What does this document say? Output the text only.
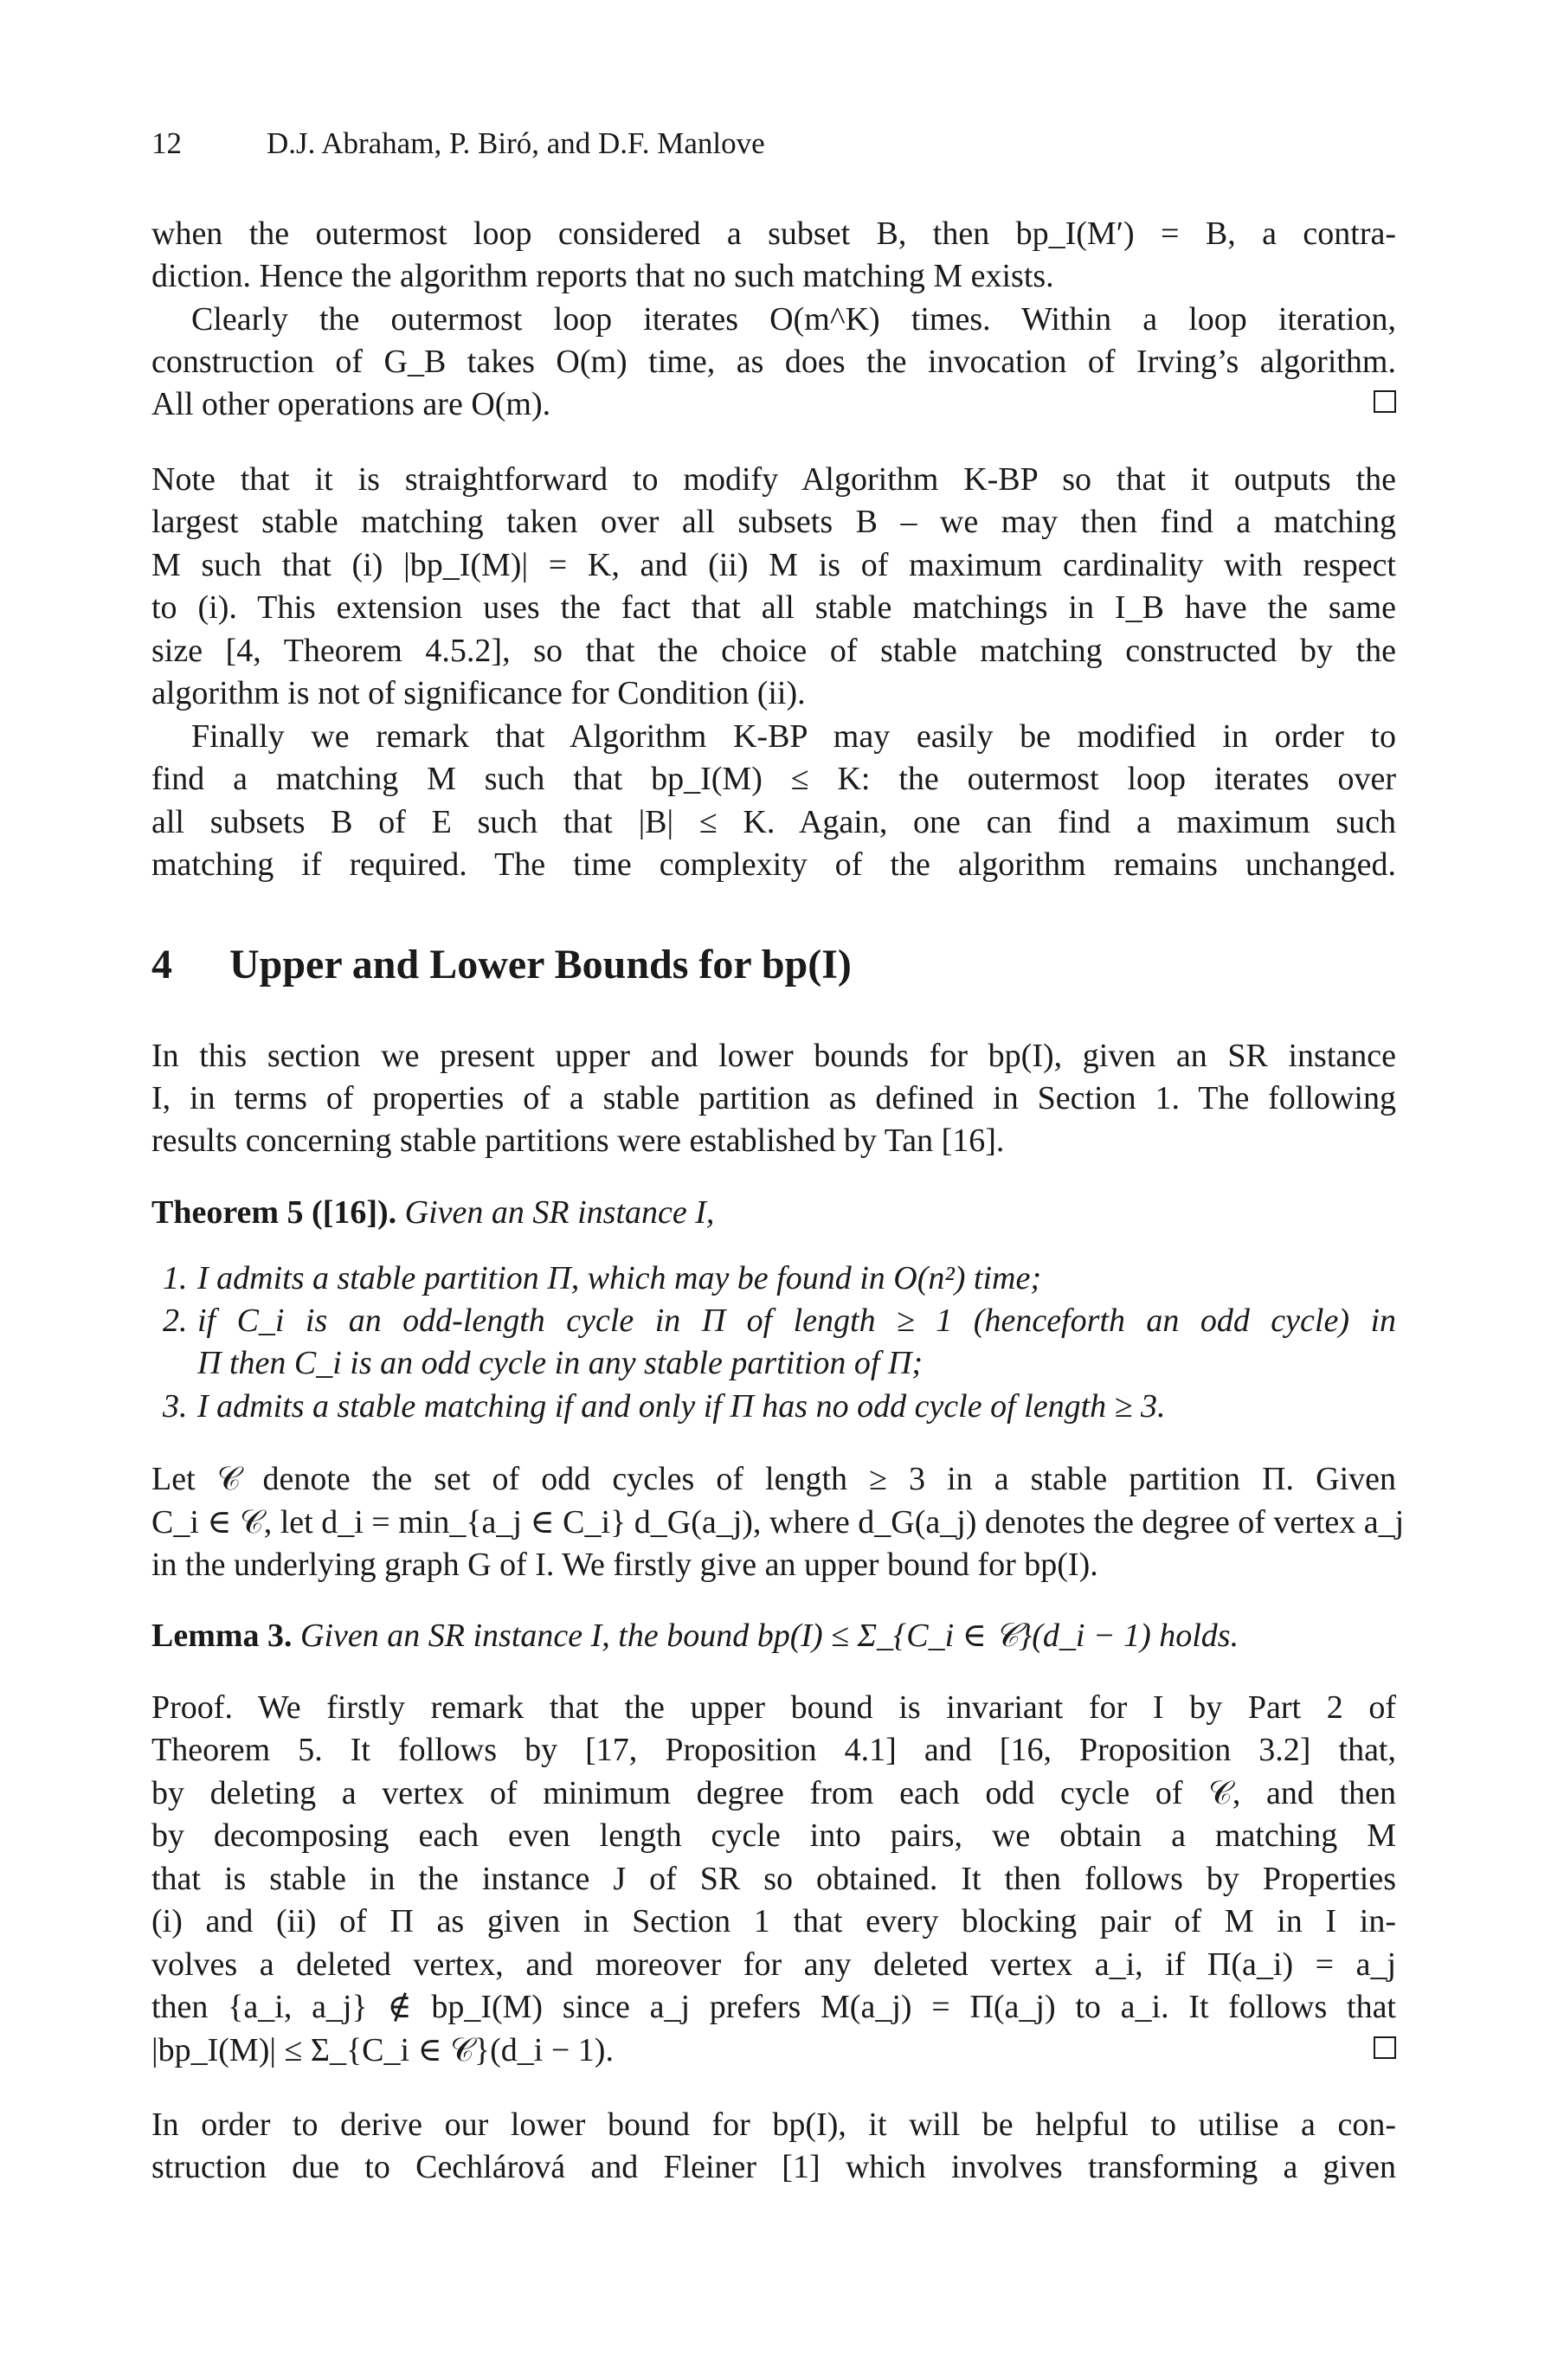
12	D.J. Abraham, P. Biró, and D.F. Manlove
when the outermost loop considered a subset B, then bp_I(M′) = B, a contra-
diction. Hence the algorithm reports that no such matching M exists.
Clearly the outermost loop iterates O(m^K) times. Within a loop iteration,
construction of G_B takes O(m) time, as does the invocation of Irving’s algorithm.
All other operations are O(m).
Note that it is straightforward to modify Algorithm K-BP so that it outputs the
largest stable matching taken over all subsets B – we may then find a matching
M such that (i) |bp_I(M)| = K, and (ii) M is of maximum cardinality with respect
to (i). This extension uses the fact that all stable matchings in I_B have the same
size [4, Theorem 4.5.2], so that the choice of stable matching constructed by the
algorithm is not of significance for Condition (ii).
Finally we remark that Algorithm K-BP may easily be modified in order to
find a matching M such that bp_I(M) ≤ K: the outermost loop iterates over
all subsets B of E such that |B| ≤ K. Again, one can find a maximum such
matching if required. The time complexity of the algorithm remains unchanged.
4 Upper and Lower Bounds for bp(I)
In this section we present upper and lower bounds for bp(I), given an SR instance
I, in terms of properties of a stable partition as defined in Section 1. The following
results concerning stable partitions were established by Tan [16].
Theorem 5 ([16]). Given an SR instance I,
1. I admits a stable partition Π, which may be found in O(n²) time;
2. if C_i is an odd-length cycle in Π of length ≥ 1 (henceforth an odd cycle) in
Π then C_i is an odd cycle in any stable partition of Π;
3. I admits a stable matching if and only if Π has no odd cycle of length ≥ 3.
Let 𝒞 denote the set of odd cycles of length ≥ 3 in a stable partition Π. Given
C_i ∈ 𝒞, let d_i = min_{a_j ∈ C_i} d_G(a_j), where d_G(a_j) denotes the degree of vertex a_j
in the underlying graph G of I. We firstly give an upper bound for bp(I).
Lemma 3. Given an SR instance I, the bound bp(I) ≤ Σ_{C_i ∈ 𝒞}(d_i − 1) holds.
Proof. We firstly remark that the upper bound is invariant for I by Part 2 of
Theorem 5. It follows by [17, Proposition 4.1] and [16, Proposition 3.2] that,
by deleting a vertex of minimum degree from each odd cycle of 𝒞, and then
by decomposing each even length cycle into pairs, we obtain a matching M
that is stable in the instance J of SR so obtained. It then follows by Properties
(i) and (ii) of Π as given in Section 1 that every blocking pair of M in I in-
volves a deleted vertex, and moreover for any deleted vertex a_i, if Π(a_i) = a_j
then {a_i, a_j} ∉ bp_I(M) since a_j prefers M(a_j) = Π(a_j) to a_i. It follows that
|bp_I(M)| ≤ Σ_{C_i ∈ 𝒞}(d_i − 1).
In order to derive our lower bound for bp(I), it will be helpful to utilise a con-
struction due to Cechlárová and Fleiner [1] which involves transforming a given
